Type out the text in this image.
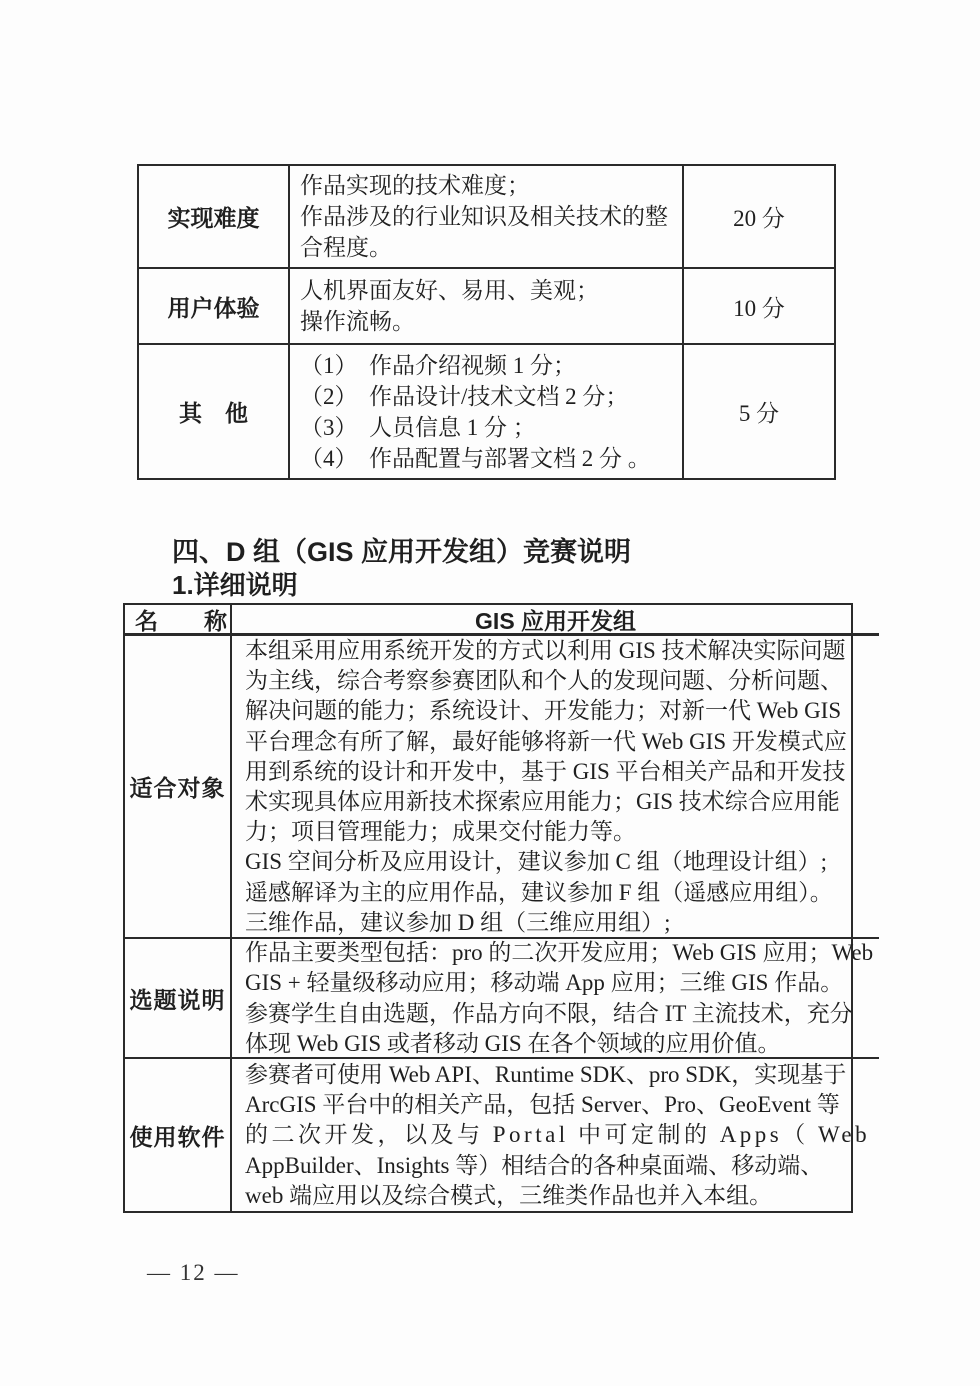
实现难度
作品实现的技术难度；
作品涉及的行业知识及相关技术的整
合程度。
20 分
用户体验
人机界面友好、易用、美观；
操作流畅。
10 分
其　他
（1）　作品介绍视频 1 分；
（2）　作品设计/技术文档 2 分；
（3）　人员信息 1 分 ；
（4）　作品配置与部署文档 2 分 。
5 分
四、D 组（GIS 应用开发组）竞赛说明
1.详细说明
名　　称	GIS 应用开发组
适合对象
本组采用应用系统开发的方式以利用 GIS 技术解决实际问题
为主线，综合考察参赛团队和个人的发现问题、分析问题、
解决问题的能力；系统设计、开发能力；对新一代 Web GIS
平台理念有所了解，最好能够将新一代 Web GIS 开发模式应
用到系统的设计和开发中，基于 GIS 平台相关产品和开发技
术实现具体应用新技术探索应用能力；GIS 技术综合应用能
力；项目管理能力；成果交付能力等。
GIS 空间分析及应用设计，建议参加 C 组（地理设计组）;
遥感解译为主的应用作品，建议参加 F 组（遥感应用组）。
三维作品，建议参加 D 组（三维应用组）;
选题说明
作品主要类型包括：pro 的二次开发应用；Web GIS 应用；Web
GIS + 轻量级移动应用；移动端 App 应用；三维 GIS 作品。
参赛学生自由选题，作品方向不限，结合 IT 主流技术，充分
体现 Web GIS 或者移动 GIS 在各个领域的应用价值。
使用软件
参赛者可使用 Web API、Runtime SDK、pro SDK，实现基于
ArcGIS 平台中的相关产品，包括 Server、Pro、GeoEvent 等
的二次开发，以及与 Portal 中可定制的 Apps（ Web
AppBuilder、Insights 等）相结合的各种桌面端、移动端、
web 端应用以及综合模式，三维类作品也并入本组。
— 12 —
